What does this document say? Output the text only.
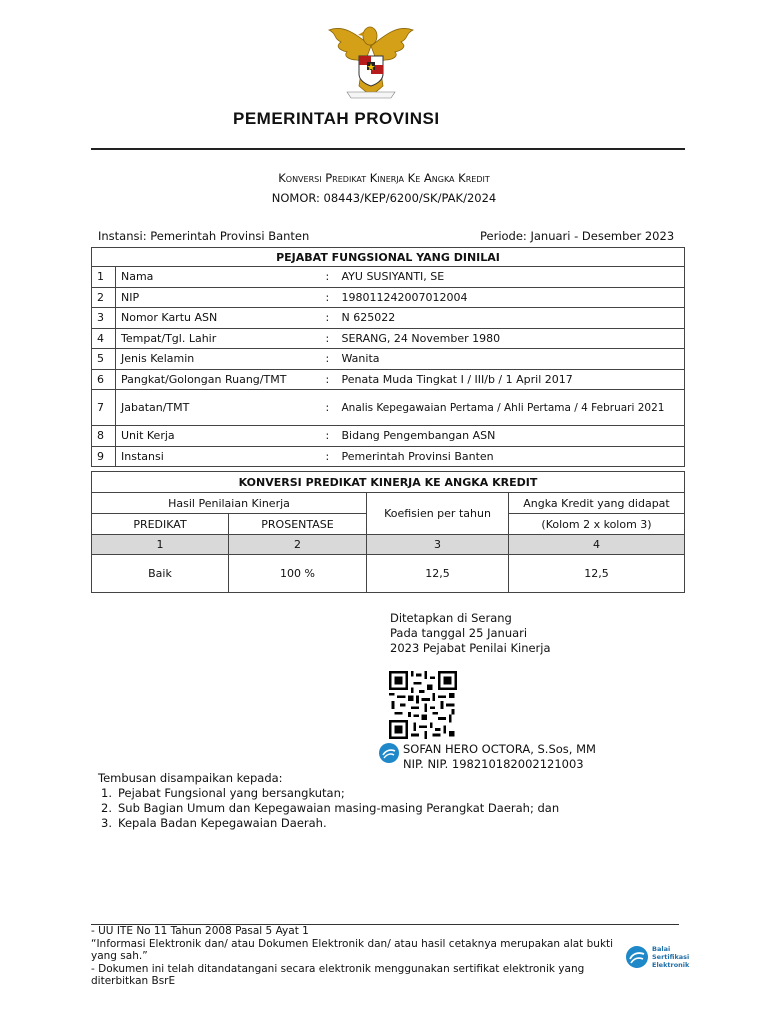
PEMERINTAH PROVINSI
Konversi Predikat Kinerja Ke Angka Kredit
NOMOR: 08443/KEP/6200/SK/PAK/2024
Instansi: Pemerintah Provinsi Banten	Periode: Januari - Desember 2023
PEJABAT FUNGSIONAL YANG DINILAI			
1	Nama	:	AYU SUSIYANTI, SE
2	NIP	:	198011242007012004
3	Nomor Kartu ASN	:	N 625022
4	Tempat/Tgl. Lahir	:	SERANG, 24 November 1980
5	Jenis Kelamin	:	Wanita
6	Pangkat/Golongan Ruang/TMT	:	Penata Muda Tingkat I / III/b / 1 April 2017
7	Jabatan/TMT	:	Analis Kepegawaian Pertama / Ahli Pertama / 4 Februari 2021
8	Unit Kerja	:	Bidang Pengembangan ASN
9	Instansi	:	Pemerintah Provinsi Banten
KONVERSI PREDIKAT KINERJA KE ANGKA KREDIT			
Hasil Penilaian Kinerja		Koefisien per tahun	Angka Kredit yang didapat
PREDIKAT	PROSENTASE		(Kolom 2 x kolom 3)
1	2	3	4
Baik	100 %	12,5	12,5
Ditetapkan di Serang
Pada tanggal 25 Januari
2023 Pejabat Penilai Kinerja
SOFAN HERO OCTORA, S.Sos, MM
NIP. NIP. 198210182002121003
Tembusan disampaikan kepada:
1. Pejabat Fungsional yang bersangkutan;
2. Sub Bagian Umum dan Kepegawaian masing-masing Perangkat Daerah; dan
3. Kepala Badan Kepegawaian Daerah.
- UU ITE No 11 Tahun 2008 Pasal 5 Ayat 1
“Informasi Elektronik dan/ atau Dokumen Elektronik dan/ atau hasil cetaknya merupakan alat bukti yang sah.”
- Dokumen ini telah ditandatangani secara elektronik menggunakan sertifikat elektronik yang diterbitkan BsrE
Balai
Sertifikasi
Elektronik
